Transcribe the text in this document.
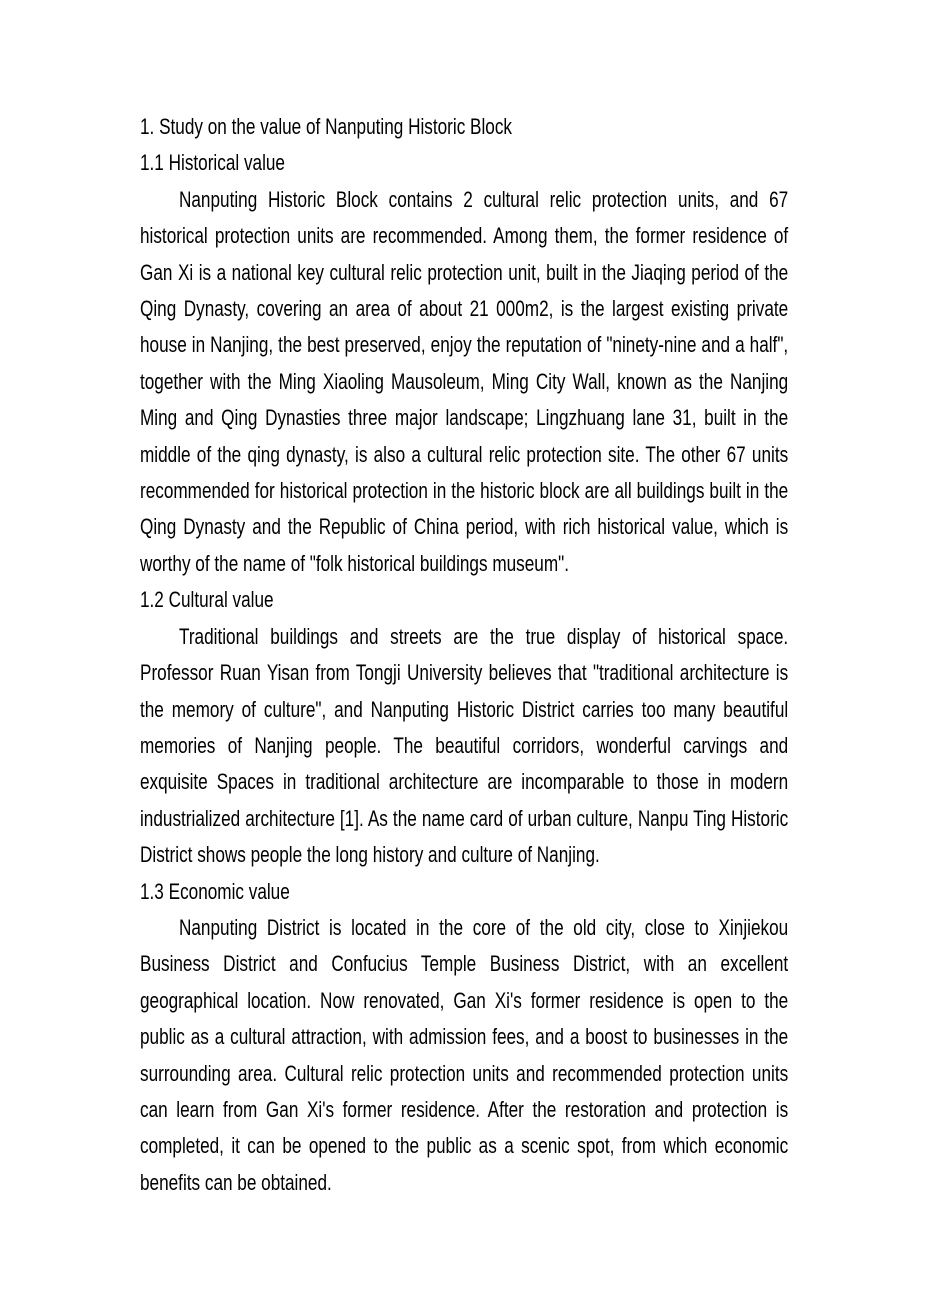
1. Study on the value of Nanputing Historic Block

1.1 Historical value

Nanputing Historic Block contains 2 cultural relic protection units, and 67 historical protection units are recommended. Among them, the former residence of Gan Xi is a national key cultural relic protection unit, built in the Jiaqing period of the Qing Dynasty, covering an area of about 21 000m2, is the largest existing private house in Nanjing, the best preserved, enjoy the reputation of "ninety-nine and a half", together with the Ming Xiaoling Mausoleum, Ming City Wall, known as the Nanjing Ming and Qing Dynasties three major landscape; Lingzhuang lane 31, built in the middle of the qing dynasty, is also a cultural relic protection site. The other 67 units recommended for historical protection in the historic block are all buildings built in the Qing Dynasty and the Republic of China period, with rich historical value, which is worthy of the name of "folk historical buildings museum".

1.2 Cultural value

Traditional buildings and streets are the true display of historical space. Professor Ruan Yisan from Tongji University believes that "traditional architecture is the memory of culture", and Nanputing Historic District carries too many beautiful memories of Nanjing people. The beautiful corridors, wonderful carvings and exquisite Spaces in traditional architecture are incomparable to those in modern industrialized architecture [1]. As the name card of urban culture, Nanpu Ting Historic District shows people the long history and culture of Nanjing.

1.3 Economic value

Nanputing District is located in the core of the old city, close to Xinjiekou Business District and Confucius Temple Business District, with an excellent geographical location. Now renovated, Gan Xi's former residence is open to the public as a cultural attraction, with admission fees, and a boost to businesses in the surrounding area. Cultural relic protection units and recommended protection units can learn from Gan Xi's former residence. After the restoration and protection is completed, it can be opened to the public as a scenic spot, from which economic benefits can be obtained.
